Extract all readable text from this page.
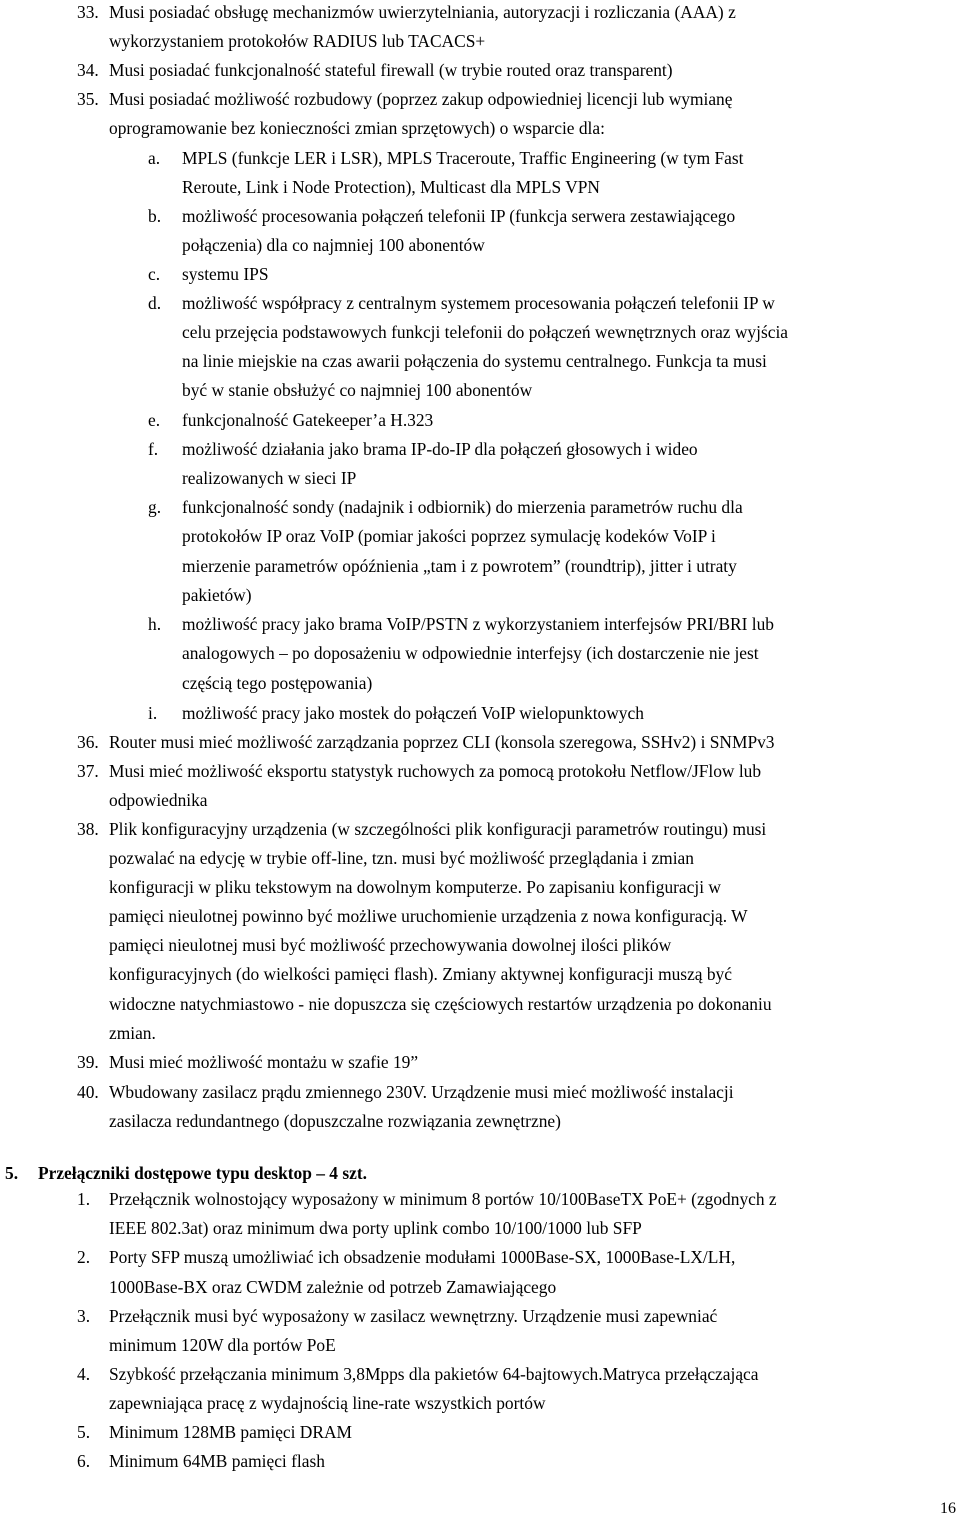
33. Musi posiadać obsługę mechanizmów uwierzytelniania, autoryzacji i rozliczania (AAA) z
wykorzystaniem protokołów RADIUS lub TACACS+
34. Musi posiadać funkcjonalność stateful firewall (w trybie routed oraz transparent)
35. Musi posiadać możliwość rozbudowy (poprzez zakup odpowiedniej licencji lub wymianę
oprogramowanie bez konieczności zmian sprzętowych) o wsparcie dla:
a. MPLS (funkcje LER i LSR), MPLS Traceroute, Traffic Engineering (w tym Fast
Reroute, Link i Node Protection), Multicast dla MPLS VPN
b. możliwość procesowania połączeń telefonii IP (funkcja serwera zestawiającego
połączenia) dla co najmniej 100 abonentów
c. systemu IPS
d. możliwość współpracy z centralnym systemem procesowania połączeń telefonii IP w
celu przejęcia podstawowych funkcji telefonii do połączeń wewnętrznych oraz wyjścia
na linie miejskie na czas awarii połączenia do systemu centralnego. Funkcja ta musi
być w stanie obsłużyć co najmniej 100 abonentów
e. funkcjonalność Gatekeeper’a H.323
f. możliwość działania jako brama IP-do-IP dla połączeń głosowych i wideo
realizowanych w sieci IP
g. funkcjonalność sondy (nadajnik i odbiornik) do mierzenia parametrów ruchu dla
protokołów IP oraz VoIP (pomiar jakości poprzez symulację kodeków VoIP i
mierzenie parametrów opóźnienia „tam i z powrotem” (roundtrip), jitter i utraty
pakietów)
h. możliwość pracy jako brama VoIP/PSTN z wykorzystaniem interfejsów PRI/BRI lub
analogowych – po doposażeniu w odpowiednie interfejsy (ich dostarczenie nie jest
częścią tego postępowania)
i. możliwość pracy jako mostek do połączeń VoIP wielopunktowych
36. Router musi mieć możliwość zarządzania poprzez CLI (konsola szeregowa, SSHv2) i SNMPv3
37. Musi mieć możliwość eksportu statystyk ruchowych za pomocą protokołu Netflow/JFlow lub
odpowiednika
38. Plik konfiguracyjny urządzenia (w szczególności plik konfiguracji parametrów routingu) musi
pozwalać na edycję w trybie off-line, tzn. musi być możliwość przeglądania i zmian
konfiguracji w pliku tekstowym na dowolnym komputerze. Po zapisaniu konfiguracji w
pamięci nieulotnej powinno być możliwe uruchomienie urządzenia z nowa konfiguracją. W
pamięci nieulotnej musi być możliwość przechowywania dowolnej ilości plików
konfiguracyjnych (do wielkości pamięci flash). Zmiany aktywnej konfiguracji muszą być
widoczne natychmiastowo - nie dopuszcza się częściowych restartów urządzenia po dokonaniu
zmian.
39. Musi mieć możliwość montażu w szafie 19”
40. Wbudowany zasilacz prądu zmiennego 230V. Urządzenie musi mieć możliwość instalacji
zasilacza redundantnego (dopuszczalne rozwiązania zewnętrzne)
5. Przełączniki dostępowe typu desktop – 4 szt.
1. Przełącznik wolnostojący wyposażony w minimum 8 portów 10/100BaseTX PoE+ (zgodnych z
IEEE 802.3at) oraz minimum dwa porty uplink combo 10/100/1000 lub SFP
2. Porty SFP muszą umożliwiać ich obsadzenie modułami 1000Base-SX, 1000Base-LX/LH,
1000Base-BX oraz CWDM zależnie od potrzeb Zamawiającego
3. Przełącznik musi być wyposażony w zasilacz wewnętrzny. Urządzenie musi zapewniać
minimum 120W dla portów PoE
4. Szybkość przełączania minimum 3,8Mpps dla pakietów 64-bajtowych.Matryca przełączająca
zapewniająca pracę z wydajnością line-rate wszystkich portów
5. Minimum 128MB pamięci DRAM
6. Minimum 64MB pamięci flash
16
